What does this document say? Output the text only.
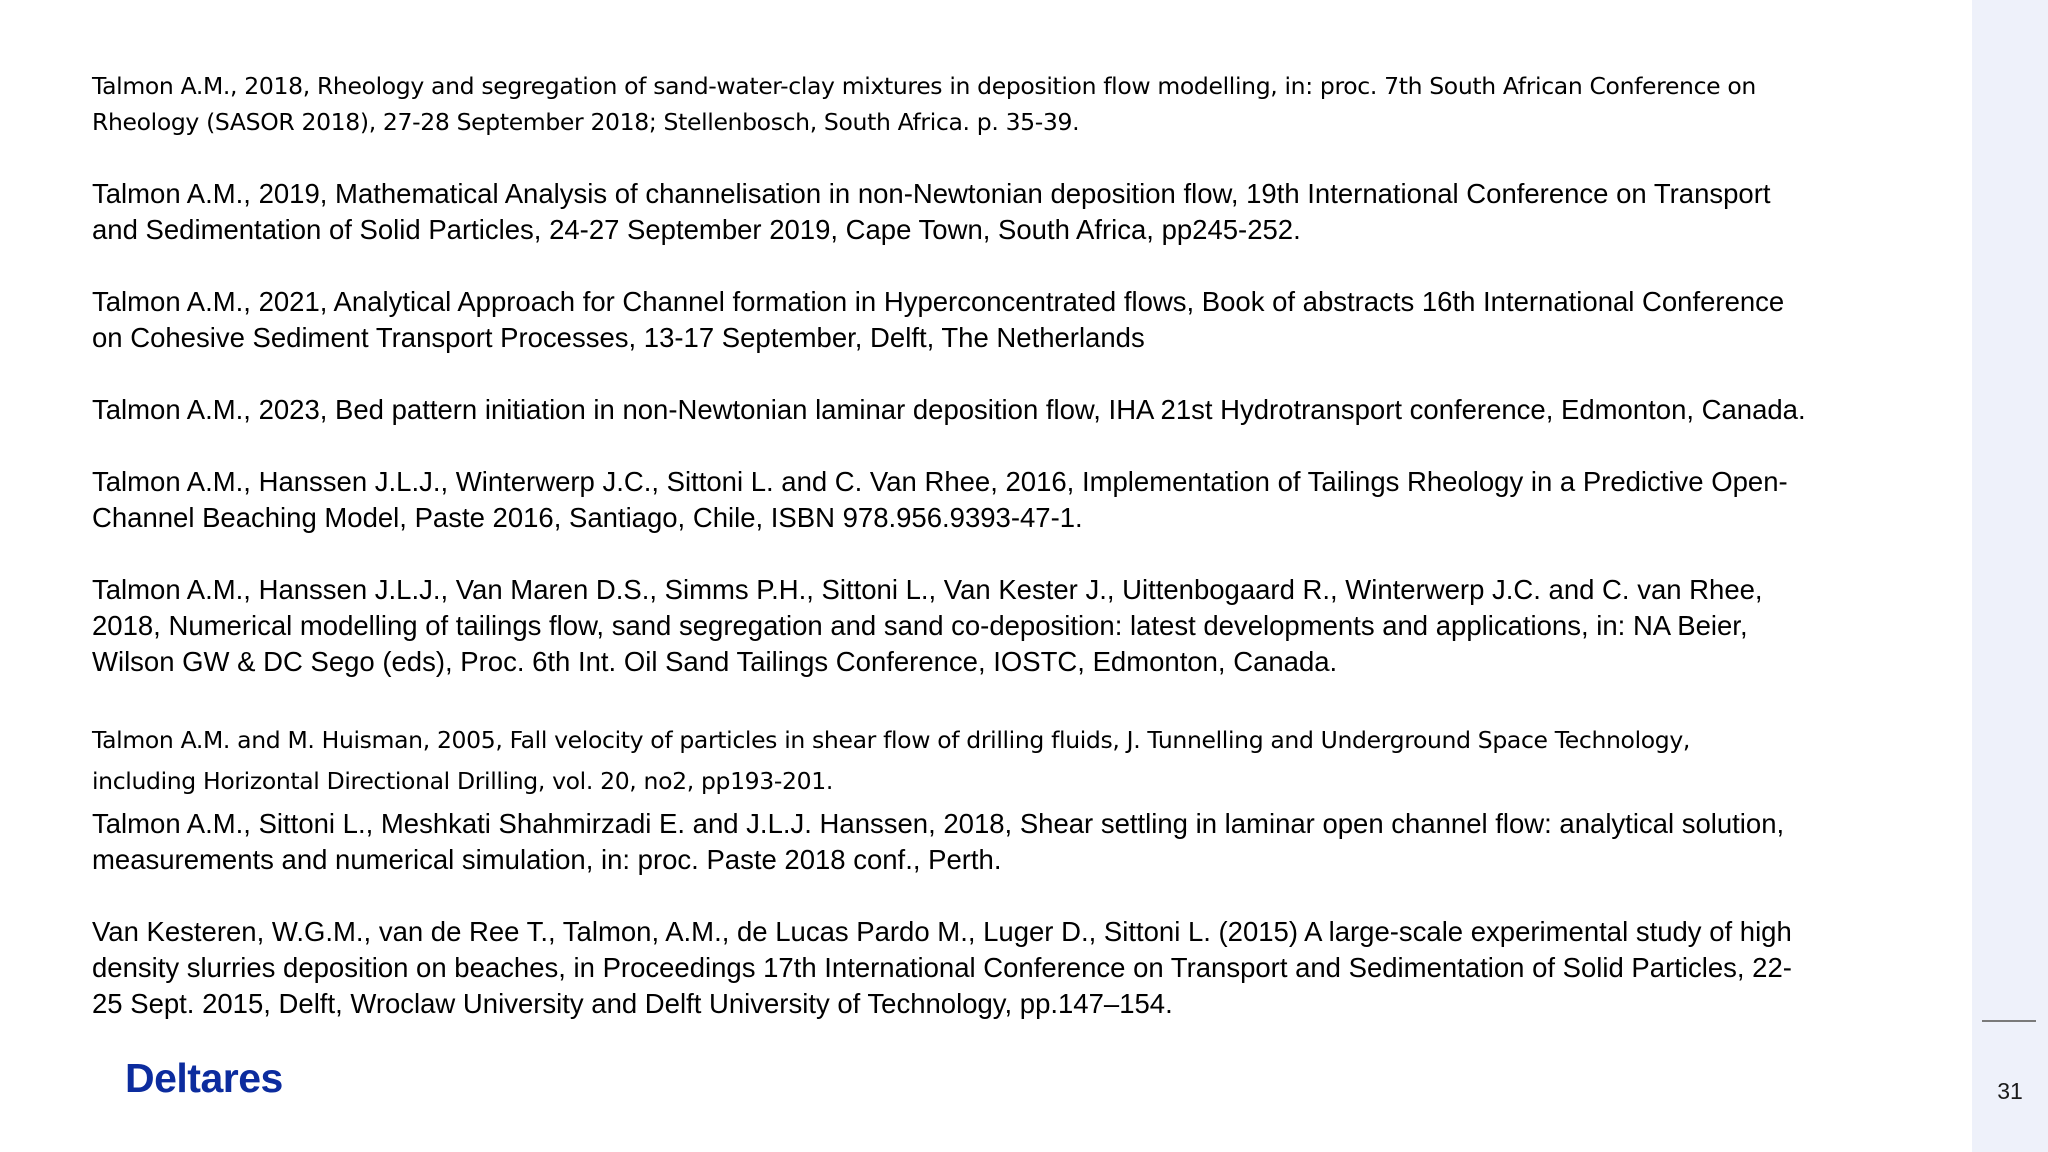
Talmon A.M., 2018, Rheology and segregation of sand-water-clay mixtures in deposition flow modelling, in: proc. 7th South African Conference on
Rheology (SASOR 2018), 27-28 September 2018; Stellenbosch, South Africa. p. 35-39.

Talmon A.M., 2019, Mathematical Analysis of channelisation in non-Newtonian deposition flow, 19th International Conference on Transport
and Sedimentation of Solid Particles, 24-27 September 2019, Cape Town, South Africa, pp245-252.

Talmon A.M., 2021, Analytical Approach for Channel formation in Hyperconcentrated flows, Book of abstracts 16th International Conference
on Cohesive Sediment Transport Processes, 13-17 September, Delft, The Netherlands

Talmon A.M., 2023, Bed pattern initiation in non-Newtonian laminar deposition flow, IHA 21st Hydrotransport conference, Edmonton, Canada.

Talmon A.M., Hanssen J.L.J., Winterwerp J.C., Sittoni L. and C. Van Rhee, 2016, Implementation of Tailings Rheology in a Predictive Open-
Channel Beaching Model, Paste 2016, Santiago, Chile, ISBN 978.956.9393-47-1.

Talmon A.M., Hanssen J.L.J., Van Maren D.S., Simms P.H., Sittoni L., Van Kester J., Uittenbogaard R., Winterwerp J.C. and C. van Rhee,
2018, Numerical modelling of tailings flow, sand segregation and sand co-deposition: latest developments and applications, in: NA Beier,
Wilson GW & DC Sego (eds), Proc. 6th Int. Oil Sand Tailings Conference, IOSTC, Edmonton, Canada.

Talmon A.M. and M. Huisman, 2005, Fall velocity of particles in shear flow of drilling fluids, J. Tunnelling and Underground Space Technology,
including Horizontal Directional Drilling, vol. 20, no2, pp193-201.

Talmon A.M., Sittoni L., Meshkati Shahmirzadi E. and J.L.J. Hanssen, 2018, Shear settling in laminar open channel flow: analytical solution,
measurements and numerical simulation, in: proc. Paste 2018 conf., Perth.

Van Kesteren, W.G.M., van de Ree T., Talmon, A.M., de Lucas Pardo M., Luger D., Sittoni L. (2015) A large-scale experimental study of high
density slurries deposition on beaches, in Proceedings 17th International Conference on Transport and Sedimentation of Solid Particles, 22-
25 Sept. 2015, Delft, Wroclaw University and Delft University of Technology, pp.147–154.

Deltares	31
